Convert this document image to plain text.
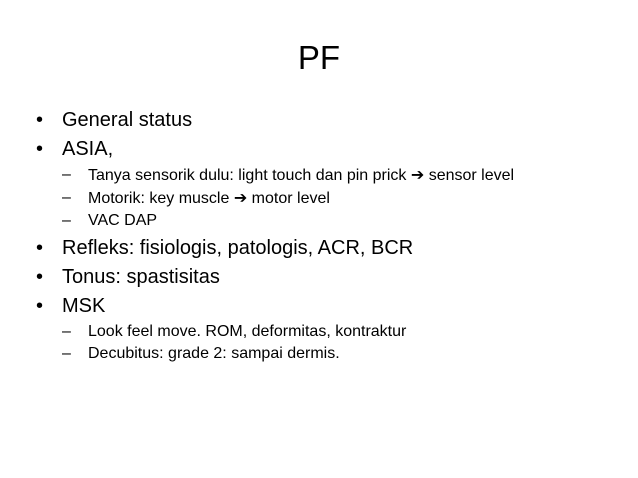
PF
• General status
• ASIA,
– Tanya sensorik dulu: light touch dan pin prick ➔ sensor level
– Motorik: key muscle ➔ motor level
– VAC DAP
• Refleks: fisiologis, patologis, ACR, BCR
• Tonus: spastisitas
• MSK
– Look feel move. ROM, deformitas, kontraktur
– Decubitus: grade 2: sampai dermis.
